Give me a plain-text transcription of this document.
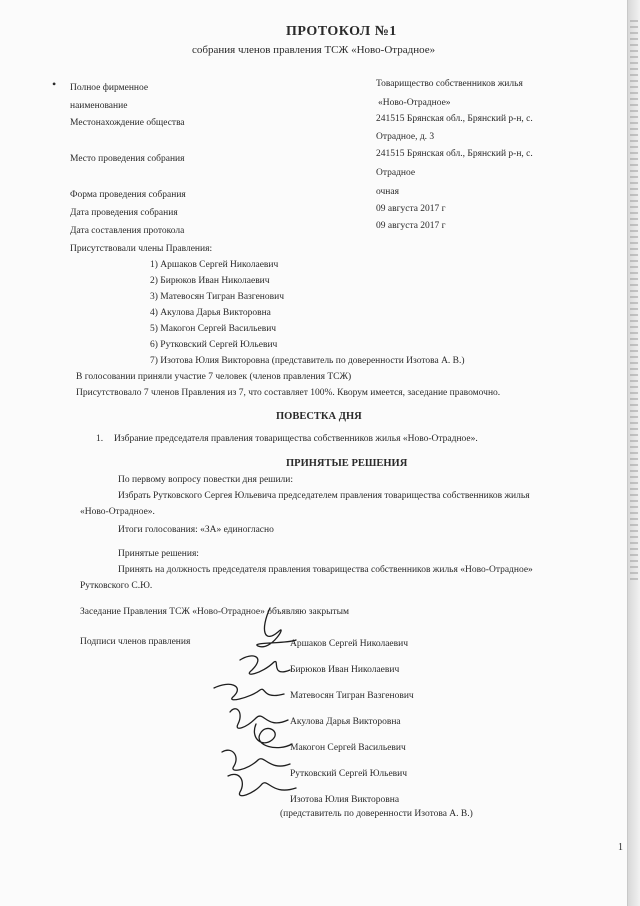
ПРОТОКОЛ №1
собрания членов правления ТСЖ «Ново-Отрадное»
• Полное фирменное	Товарищество собственников жилья
наименование	«Ново-Отрадное»
Местонахождение общества	241515 Брянская обл., Брянский р-н, с.
Отрадное, д. 3
Место проведения собрания	241515 Брянская обл., Брянский р-н, с.
Отрадное
Форма проведения собрания	очная
Дата проведения собрания	09 августа 2017 г
Дата составления протокола	09 августа 2017 г
Присутствовали члены Правления:
1) Аршаков Сергей Николаевич
2) Бирюков Иван Николаевич
3) Матевосян Тигран Вазгенович
4) Акулова Дарья Викторовна
5) Макогон Сергей Васильевич
6) Рутковский Сергей Юльевич
7) Изотова Юлия Викторовна (представитель по доверенности Изотова А. В.)
В голосовании приняли участие 7 человек (членов правления ТСЖ)
Присутствовало 7 членов Правления из 7, что составляет 100%. Кворум имеется, заседание правомочно.
ПОВЕСТКА ДНЯ
1. Избрание председателя правления товарищества собственников жилья «Ново-Отрадное».
ПРИНЯТЫЕ РЕШЕНИЯ
По первому вопросу повестки дня решили:
Избрать Рутковского Сергея Юльевича председателем правления товарищества собственников жилья
«Ново-Отрадное».
Итоги голосования: «ЗА» единогласно
Принятые решения:
Принять на должность председателя правления товарищества собственников жилья «Ново-Отрадное»
Рутковского С.Ю.
Заседание Правления ТСЖ «Ново-Отрадное» объявляю закрытым
Подписи членов правления	Аршаков Сергей Николаевич
Бирюков Иван Николаевич
Матевосян Тигран Вазгенович
Акулова Дарья Викторовна
Макогон Сергей Васильевич
Рутковский Сергей Юльевич
Изотова Юлия Викторовна
(представитель по доверенности Изотова А. В.)
1
